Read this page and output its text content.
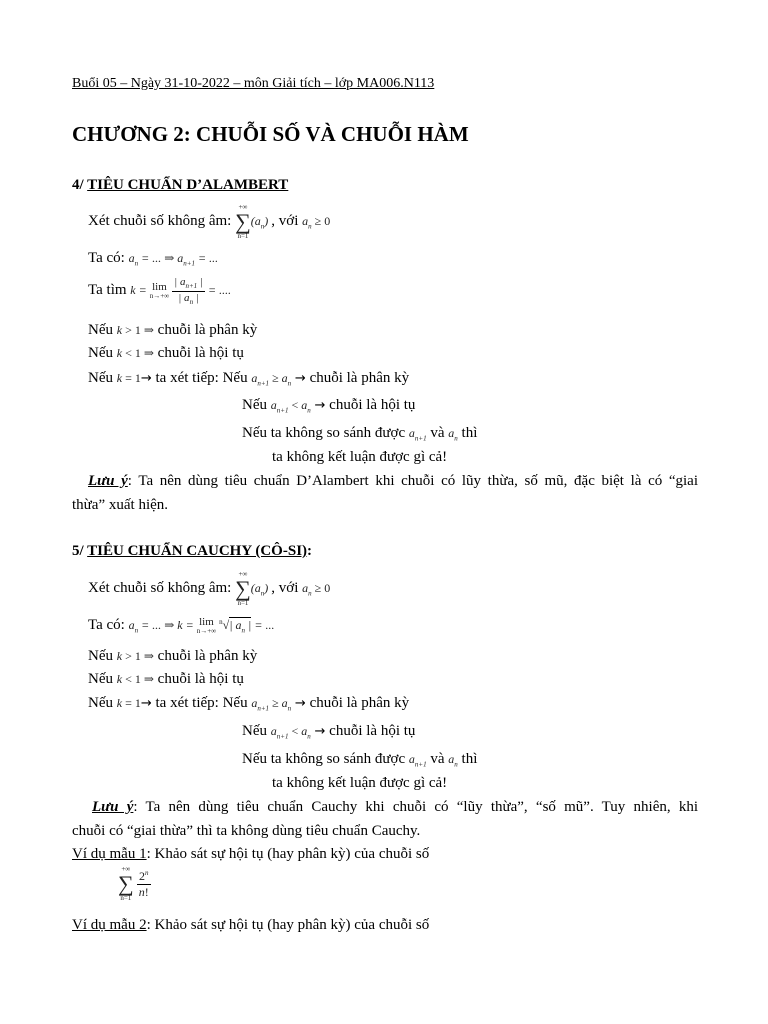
Buổi 05 – Ngày 31-10-2022 – môn Giải tích – lớp MA006.N113
CHƯƠNG 2: CHUỖI SỐ VÀ CHUỖI HÀM
4/ TIÊU CHUẨN D’ALAMBERT
Xét chuỗi số không âm:
+∞
∑
n=1
$(a_n)$ , với $a_n \ge 0$
Ta có: $a_n$ = ... ⇒ $a_{n+1}$ = ...
Ta tìm k = lim
n→+∞
$\frac{| a_{n+1} |}{| a_n |}$ = ....
Nếu k > 1 ⇒ chuỗi là phân kỳ
Nếu k < 1 ⇒ chuỗi là hội tụ
Nếu k = 1→ ta xét tiếp: Nếu $a_{n+1} \ge a_n$ → chuỗi là phân kỳ
Nếu $a_{n+1} < a_n$ → chuỗi là hội tụ
Nếu ta không so sánh được $a_{n+1}$ và $a_n$ thì
ta không kết luận được gì cả!
Lưu ý: Ta nên dùng tiêu chuẩn D’Alambert khi chuỗi có lũy thừa, số mũ, đặc biệt là có “giai
thừa” xuất hiện.
5/ TIÊU CHUẨN CAUCHY (CÔ-SI):
Xét chuỗi số không âm:
+∞
∑
n=1
$(a_n)$ , với $a_n \ge 0$
Ta có: $a_n$ = ... ⇒ k = lim
n→+∞
$^n$√| $a_n$ | = ...
Nếu k > 1 ⇒ chuỗi là phân kỳ
Nếu k < 1 ⇒ chuỗi là hội tụ
Nếu k = 1→ ta xét tiếp: Nếu $a_{n+1} \ge a_n$ → chuỗi là phân kỳ
Nếu $a_{n+1} < a_n$ → chuỗi là hội tụ
Nếu ta không so sánh được $a_{n+1}$ và $a_n$ thì
ta không kết luận được gì cả!
Lưu ý: Ta nên dùng tiêu chuẩn Cauchy khi chuỗi có “lũy thừa”, “số mũ”. Tuy nhiên, khi
chuỗi có “giai thừa” thì ta không dùng tiêu chuẩn Cauchy.
Ví dụ mẫu 1: Khảo sát sự hội tụ (hay phân kỳ) của chuỗi số
+∞
∑
n=1
$\frac{2^n}{n!}$
Ví dụ mẫu 2: Khảo sát sự hội tụ (hay phân kỳ) của chuỗi số
